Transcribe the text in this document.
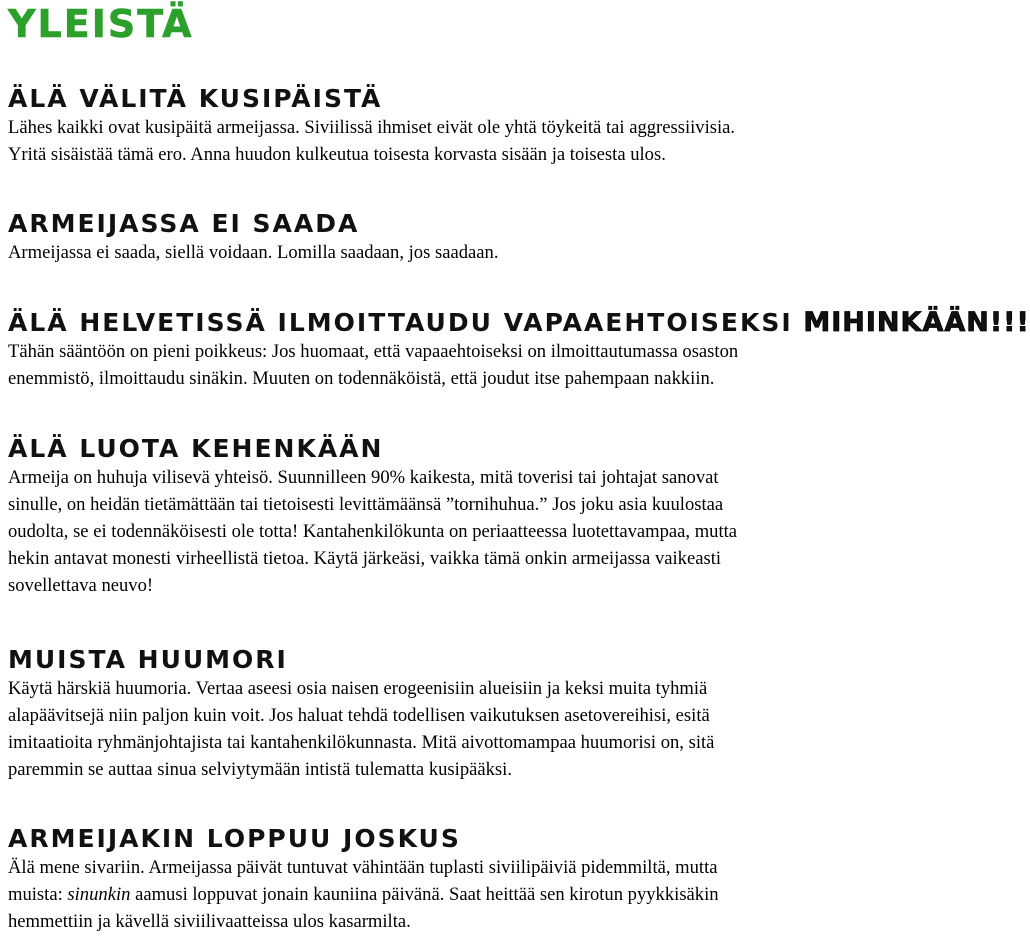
YLEISTÄ
ÄLÄ VÄLITÄ KUSIPÄISTÄ

Lähes kaikki ovat kusipäitä armeijassa. Siviilissä ihmiset eivät ole yhtä töykeitä tai aggressiivisia.
Yritä sisäistää tämä ero. Anna huudon kulkeutua toisesta korvasta sisään ja toisesta ulos.

ARMEIJASSA EI SAADA

Armeijassa ei saada, siellä voidaan. Lomilla saadaan, jos saadaan.

ÄLÄ HELVETISSÄ ILMOITTAUDU VAPAAEHTOISEKSI MIHINKÄÄN!!!

Tähän sääntöön on pieni poikkeus: Jos huomaat, että vapaaehtoiseksi on ilmoittautumassa osaston
enemmistö, ilmoittaudu sinäkin. Muuten on todennäköistä, että joudut itse pahempaan nakkiin.

ÄLÄ LUOTA KEHENKÄÄN

Armeija on huhuja vilisevä yhteisö. Suunnilleen 90% kaikesta, mitä toverisi tai johtajat sanovat
sinulle, on heidän tietämättään tai tietoisesti levittämäänsä ”tornihuhua.” Jos joku asia kuulostaa
oudolta, se ei todennäköisesti ole totta! Kantahenkilökunta on periaatteessa luotettavampaa, mutta
hekin antavat monesti virheellistä tietoa. Käytä järkeäsi, vaikka tämä onkin armeijassa vaikeasti
sovellettava neuvo!

MUISTA HUUMORI

Käytä härskiä huumoria. Vertaa aseesi osia naisen erogeenisiin alueisiin ja keksi muita tyhmiä
alapäävitsejä niin paljon kuin voit. Jos haluat tehdä todellisen vaikutuksen asetovereihisi, esitä
imitaatioita ryhmänjohtajista tai kantahenkilökunnasta. Mitä aivottomampaa huumorisi on, sitä
paremmin se auttaa sinua selviytymään intistä tulematta kusipääksi.

ARMEIJAKIN LOPPUU JOSKUS

Älä mene sivariin. Armeijassa päivät tuntuvat vähintään tuplasti siviilipäiviä pidemmiltä, mutta
muista: sinunkin aamusi loppuvat jonain kauniina päivänä. Saat heittää sen kirotun pyykkisäkin
hemmettiin ja kävellä siviilivaatteissa ulos kasarmilta.
